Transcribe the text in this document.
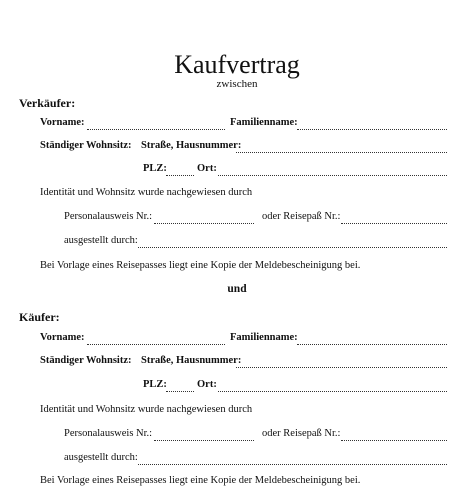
Kaufvertrag
zwischen
Verkäufer:
Vorname:	Familienname:
Ständiger Wohnsitz: Straße, Hausnummer:
PLZ:	Ort:
Identität und Wohnsitz wurde nachgewiesen durch
Personalausweis Nr.:	oder Reisepaß Nr.:
ausgestellt durch:
Bei Vorlage eines Reisepasses liegt eine Kopie der Meldebescheinigung bei.
und
Käufer:
Vorname:	Familienname:
Ständiger Wohnsitz: Straße, Hausnummer:
PLZ:	Ort:
Identität und Wohnsitz wurde nachgewiesen durch
Personalausweis Nr.:	oder Reisepaß Nr.:
ausgestellt durch:
Bei Vorlage eines Reisepasses liegt eine Kopie der Meldebescheinigung bei.
